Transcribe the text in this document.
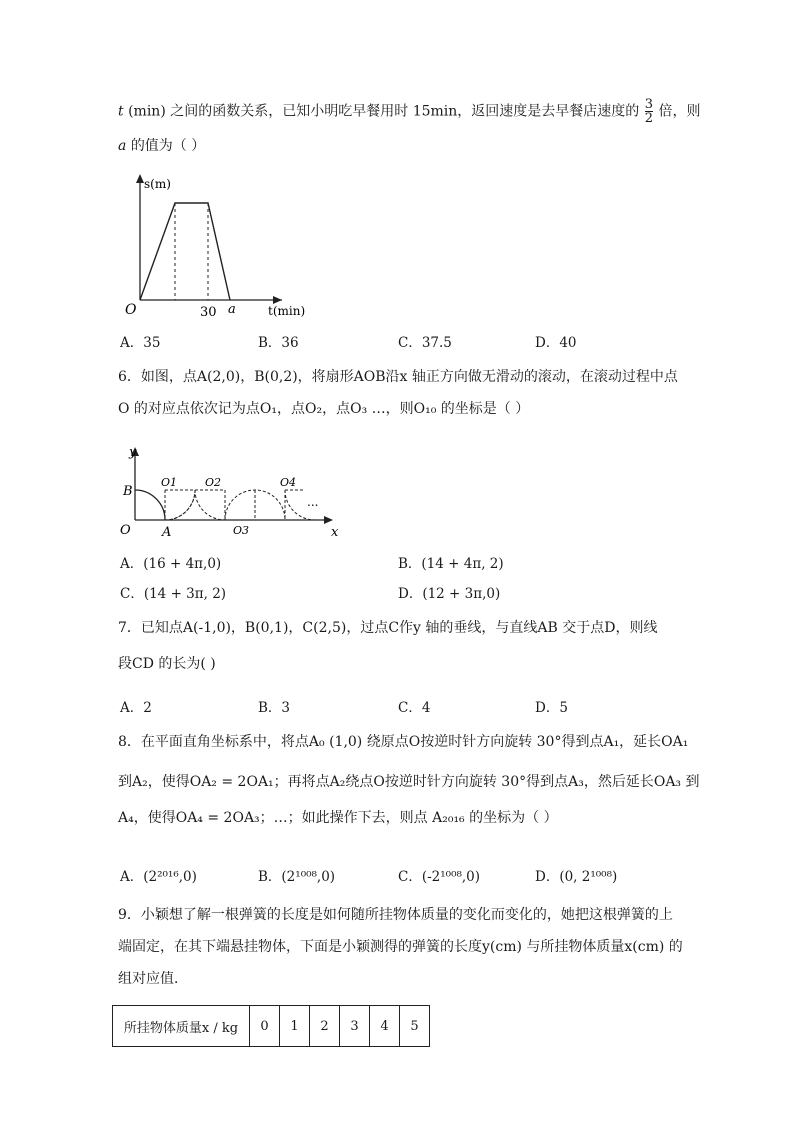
t (min) 之间的函数关系，已知小明吃早餐用时 15min，返回速度是去早餐店速度的 $\frac{3}{2}$ 倍，则
a 的值为（ ）
s(m)
t(min)
O	30 a
A．35	B．36	C．37.5	D．40
6．如图，点A(2,0)，B(0,2)，将扇形AOB沿x 轴正方向做无滑动的滚动，在滚动过程中点
O 的对应点依次记为点O₁，点O₂，点O₃ …，则O₁₀ 的坐标是（ ）
y
x
O
B
A
O1	O2
O3
O4
...
A．(16 + 4π,0)	B．(14 + 4π, 2)
C．(14 + 3π, 2)	D．(12 + 3π,0)
7．已知点A(-1,0)，B(0,1)，C(2,5)，过点C作y 轴的垂线，与直线AB 交于点D，则线
段CD 的长为( )
A．2	B．3	C．4	D．5
8．在平面直角坐标系中，将点A₀ (1,0) 绕原点O按逆时针方向旋转 30°得到点A₁，延长OA₁
到A₂，使得OA₂ = 2OA₁；再将点A₂绕点O按逆时针方向旋转 30°得到点A₃，然后延长OA₃ 到
A₄，使得OA₄ = 2OA₃；…；如此操作下去，则点 A₂₀₁₆ 的坐标为（ ）
A．(2²⁰¹⁶,0)	B．(2¹⁰⁰⁸,0)	C．(-2¹⁰⁰⁸,0)	D．(0, 2¹⁰⁰⁸)
9．小颖想了解一根弹簧的长度是如何随所挂物体质量的变化而变化的，她把这根弹簧的上
端固定，在其下端悬挂物体，下面是小颖测得的弹簧的长度y(cm) 与所挂物体质量x(cm) 的
组对应值．
所挂物体质量x / kg	0	1	2	3	4	5
